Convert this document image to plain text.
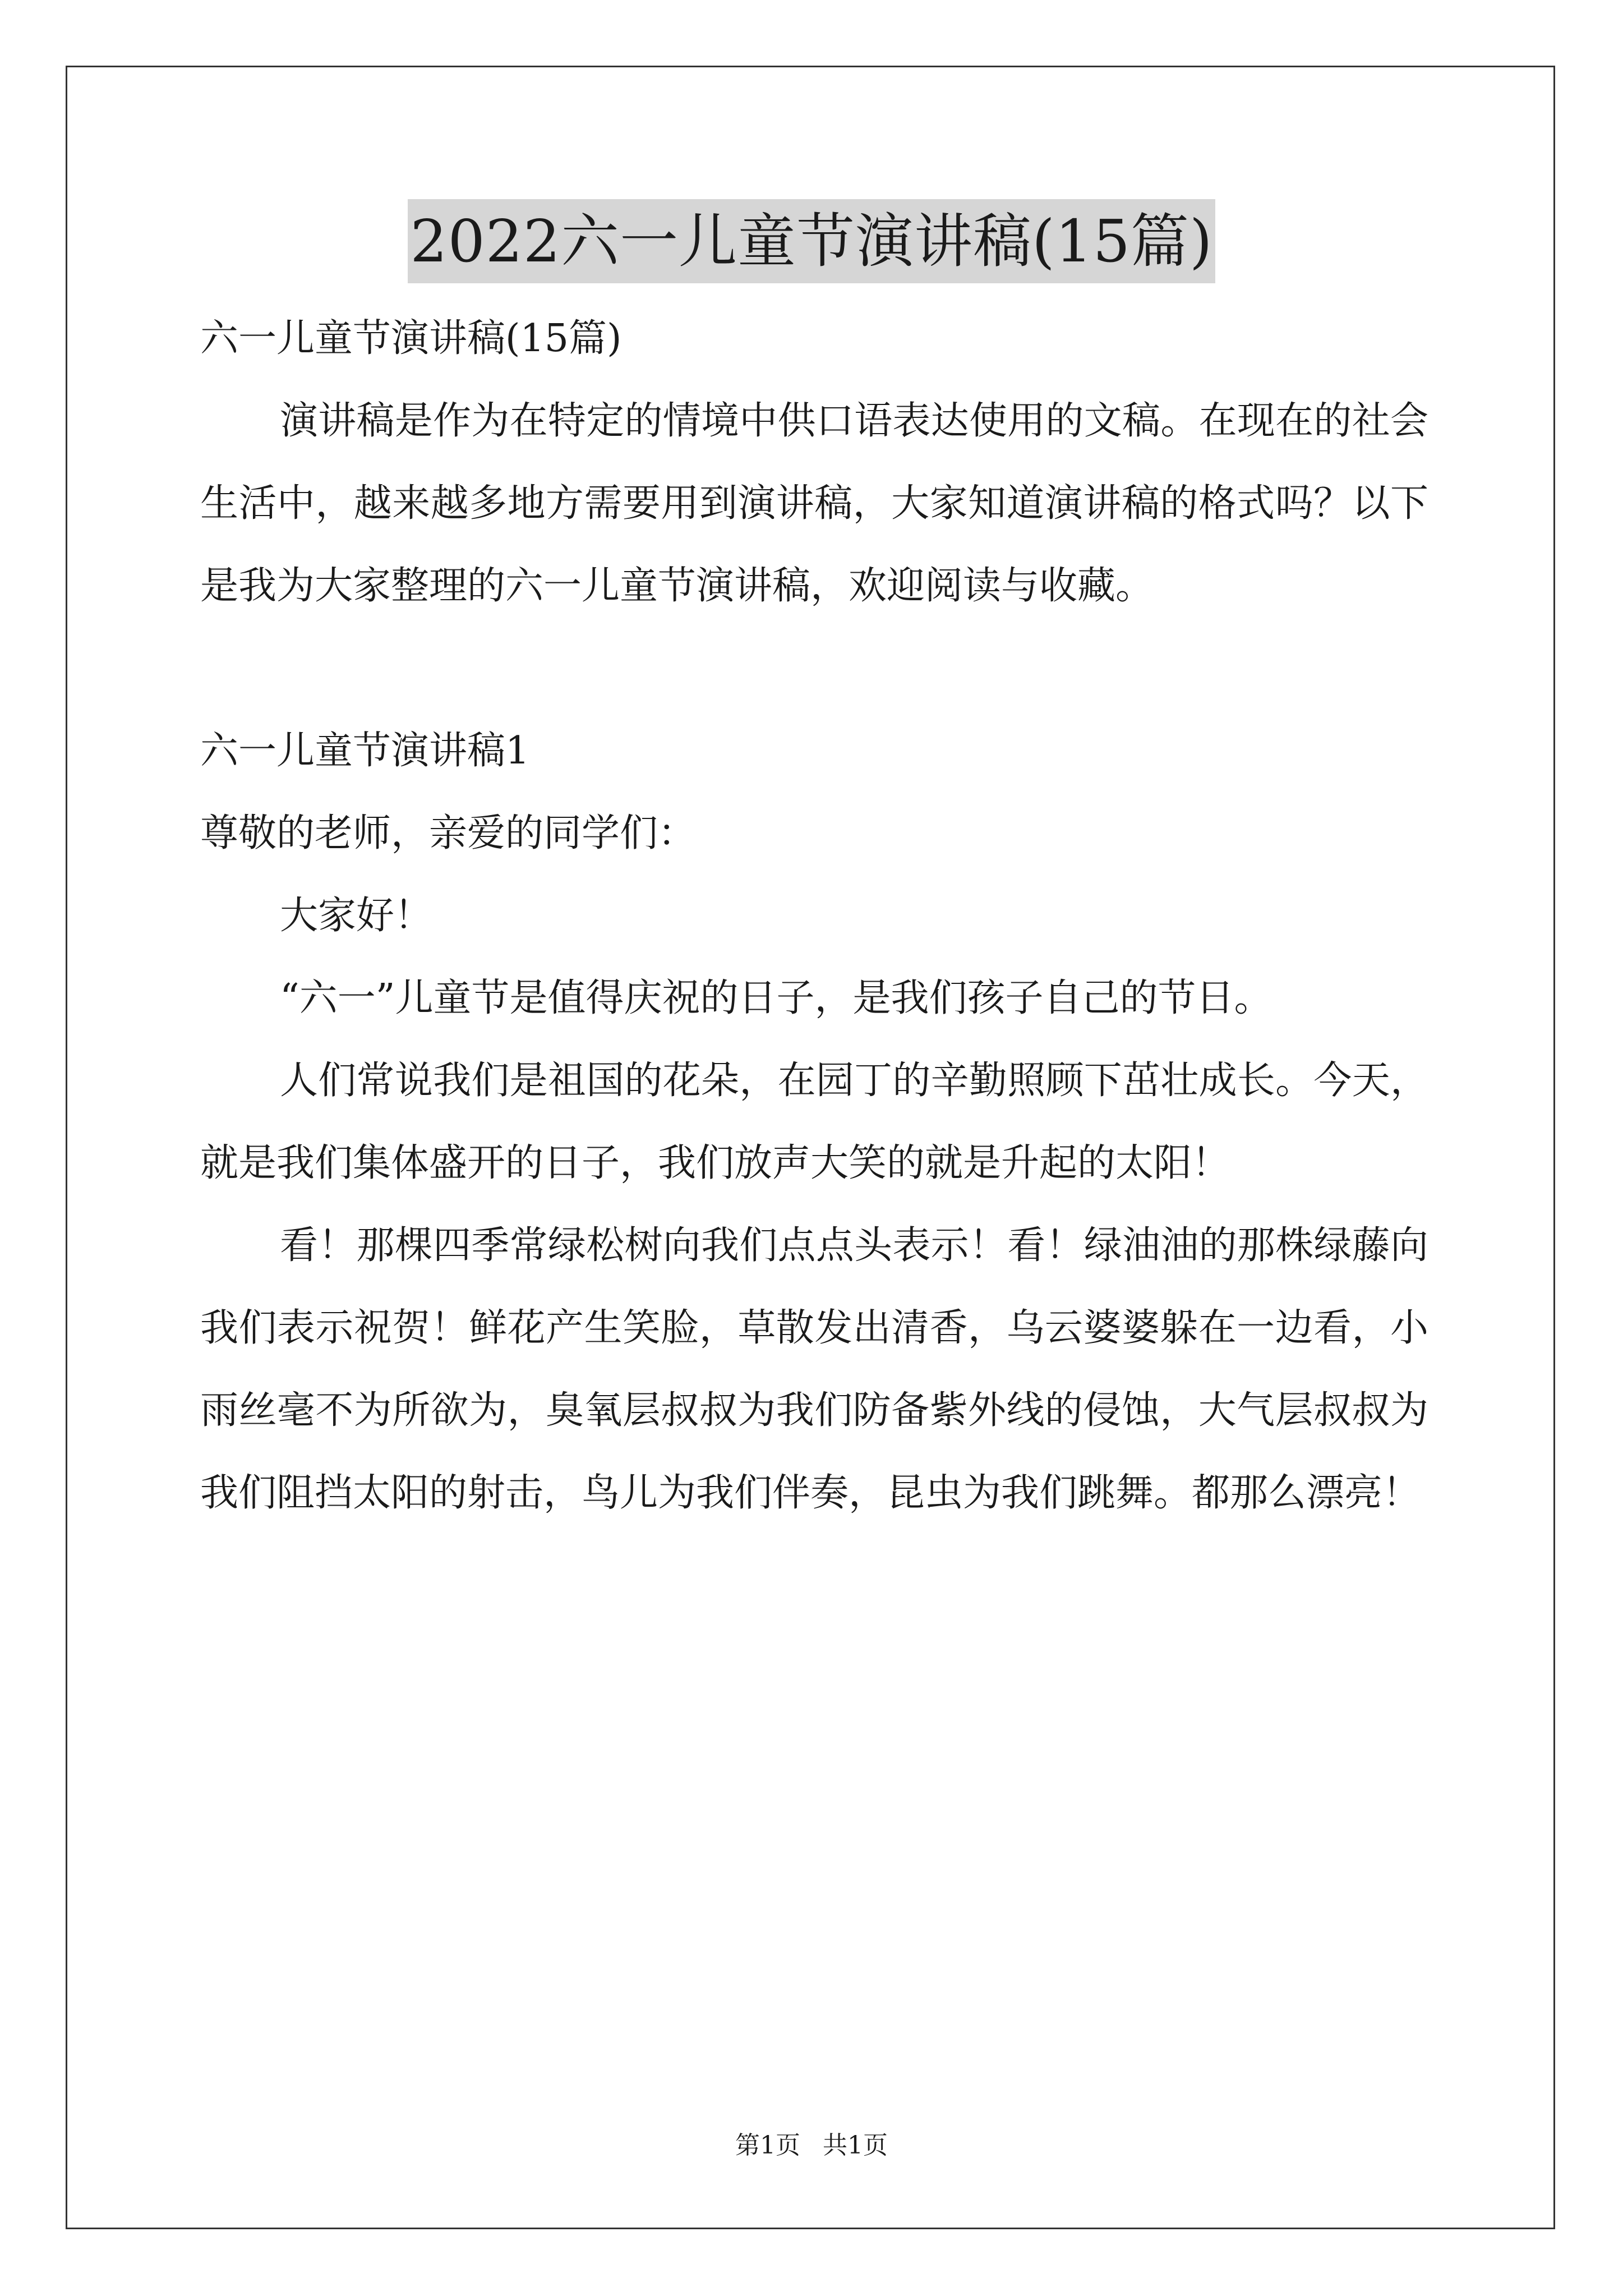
2022六一儿童节演讲稿(15篇)

六一儿童节演讲稿(15篇)

演讲稿是作为在特定的情境中供口语表达使用的文稿。在现在的社会生活中，越来越多地方需要用到演讲稿，大家知道演讲稿的格式吗？以下是我为大家整理的六一儿童节演讲稿，欢迎阅读与收藏。

六一儿童节演讲稿1

尊敬的老师，亲爱的同学们：

大家好！

“六一”儿童节是值得庆祝的日子，是我们孩子自己的节日。

人们常说我们是祖国的花朵，在园丁的辛勤照顾下茁壮成长。今天，就是我们集体盛开的日子，我们放声大笑的就是升起的太阳！

看！那棵四季常绿松树向我们点点头表示！看！绿油油的那株绿藤向我们表示祝贺！鲜花产生笑脸，草散发出清香，乌云婆婆躲在一边看，小雨丝毫不为所欲为，臭氧层叔叔为我们防备紫外线的侵蚀，大气层叔叔为我们阻挡太阳的射击，鸟儿为我们伴奏，昆虫为我们跳舞。都那么漂亮！

第1页 共1页
